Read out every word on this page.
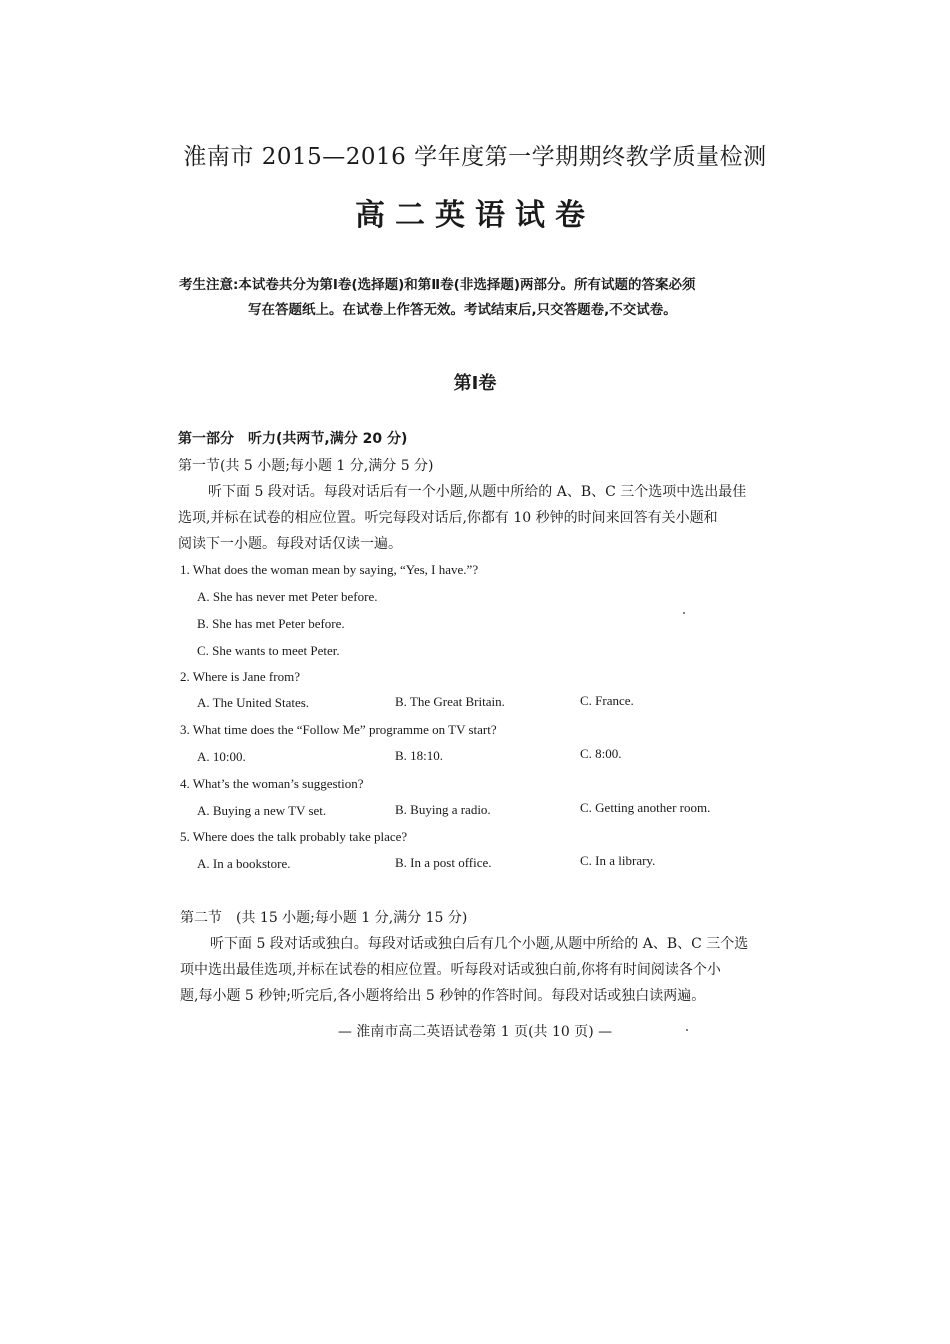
淮南市 2015—2016 学年度第一学期期终教学质量检测
高二英语试卷
考生注意:本试卷共分为第Ⅰ卷(选择题)和第Ⅱ卷(非选择题)两部分。所有试题的答案必须
写在答题纸上。在试卷上作答无效。考试结束后,只交答题卷,不交试卷。
第Ⅰ卷
第一部分　听力(共两节,满分 20 分)
第一节(共 5 小题;每小题 1 分,满分 5 分)
听下面 5 段对话。每段对话后有一个小题,从题中所给的 A、B、C 三个选项中选出最佳
选项,并标在试卷的相应位置。听完每段对话后,你都有 10 秒钟的时间来回答有关小题和
阅读下一小题。每段对话仅读一遍。
1. What does the woman mean by saying, “Yes, I have.”?
A. She has never met Peter before.
B. She has met Peter before.
C. She wants to meet Peter.
2. Where is Jane from?
A. The United States.	B. The Great Britain.	C. France.
3. What time does the “Follow Me” programme on TV start?
A. 10:00.	B. 18:10.	C. 8:00.
4. What’s the woman’s suggestion?
A. Buying a new TV set.	B. Buying a radio.	C. Getting another room.
5. Where does the talk probably take place?
A. In a bookstore.	B. In a post office.	C. In a library.
第二节　(共 15 小题;每小题 1 分,满分 15 分)
听下面 5 段对话或独白。每段对话或独白后有几个小题,从题中所给的 A、B、C 三个选
项中选出最佳选项,并标在试卷的相应位置。听每段对话或独白前,你将有时间阅读各个小
题,每小题 5 秒钟;听完后,各小题将给出 5 秒钟的作答时间。每段对话或独白读两遍。
— 淮南市高二英语试卷第 1 页(共 10 页) —
